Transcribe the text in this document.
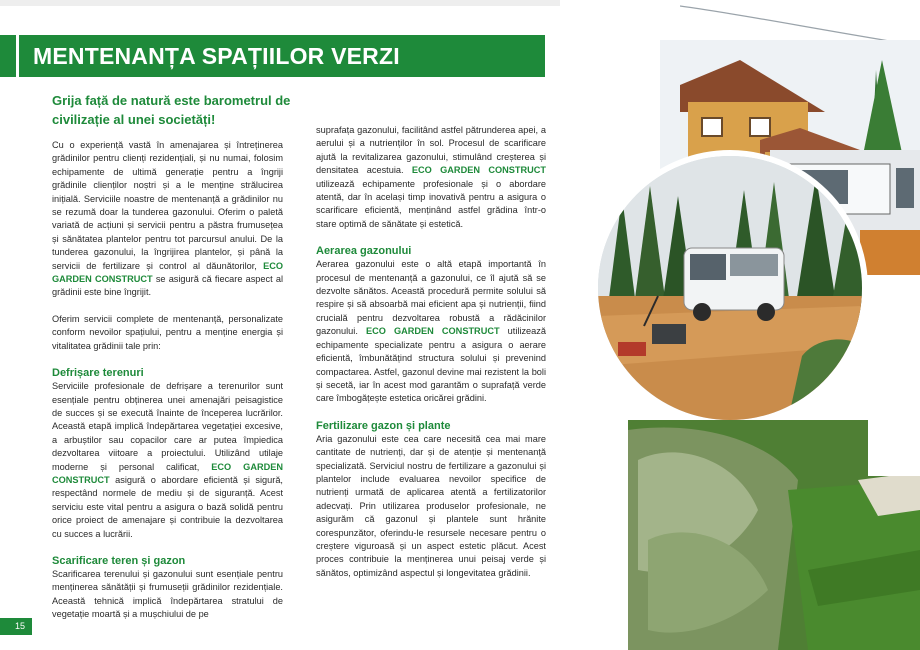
MENTENANȚA SPAȚIILOR VERZI
Grija față de natură este barometrul de civilizație al unei societăți!

Cu o experiență vastă în amenajarea și întreținerea grădinilor pentru clienți rezidențiali, și nu numai, folosim echipamente de ultimă generație pentru a îngriji grădinile clienților noștri și a le menține strălucirea inițială. Serviciile noastre de mentenanță a grădinilor nu se rezumă doar la tunderea gazonului. Oferim o paletă variată de acțiuni și servicii pentru a păstra frumusețea și sănătatea plantelor pentru tot parcursul anului. De la tunderea gazonului, la îngrijirea plantelor, și până la servicii de fertilizare și control al dăunătorilor, ECO GARDEN CONSTRUCT se asigură că fiecare aspect al grădinii este bine îngrijit.

Oferim servicii complete de mentenanță, personalizate conform nevoilor spațiului, pentru a menține energia și vitalitatea grădinii tale prin:

Defrișare terenuri

Serviciile profesionale de defrișare a terenurilor sunt esențiale pentru obținerea unei amenajări peisagistice de succes și se execută înainte de începerea lucrărilor. Această etapă implică îndepărtarea vegetației excesive, a arbuștilor sau copacilor care ar putea împiedica dezvoltarea viitoare a proiectului. Utilizând utilaje moderne și personal calificat, ECO GARDEN CONSTRUCT asigură o abordare eficientă și sigură, respectând normele de mediu și de siguranță. Acest serviciu este vital pentru a asigura o bază solidă pentru orice proiect de amenajare și contribuie la dezvoltarea cu succes a lucrării.

Scarificare teren și gazon

Scarificarea terenului și gazonului sunt esențiale pentru menținerea sănătății și frumuseții grădinilor rezidențiale. Această tehnică implică îndepărtarea stratului de vegetație moartă și a mușchiului de pe

suprafața gazonului, facilitând astfel pătrunderea apei, a aerului și a nutrienților în sol. Procesul de scarificare ajută la revitalizarea gazonului, stimulând creșterea și densitatea acestuia. ECO GARDEN CONSTRUCT utilizează echipamente profesionale și o abordare atentă, dar în același timp inovativă pentru a asigura o scarificare eficientă, menținând astfel grădina într-o stare optimă de sănătate și estetică.

Aerarea gazonului

Aerarea gazonului este o altă etapă importantă în procesul de mentenanță a gazonului, ce îl ajută să se dezvolte sănătos. Această procedură permite solului să respire și să absoarbă mai eficient apa și nutrienții, fiind crucială pentru dezvoltarea robustă a rădăcinilor gazonului. ECO GARDEN CONSTRUCT utilizează echipamente specializate pentru a asigura o aerare eficientă, îmbunătățind structura solului și prevenind compactarea. Astfel, gazonul devine mai rezistent la boli și secetă, iar în acest mod garantăm o suprafață verde care îmbogățește estetica oricărei grădini.

Fertilizare gazon și plante

Aria gazonului este cea care necesită cea mai mare cantitate de nutrienți, dar și de atenție și mentenanță specializată. Serviciul nostru de fertilizare a gazonului și plantelor include evaluarea nevoilor specifice de nutrienți urmată de aplicarea atentă a fertilizatorilor adecvați. Prin utilizarea produselor profesionale, ne asigurăm că gazonul și plantele sunt hrănite corespunzător, oferindu-le resursele necesare pentru o creștere viguroasă și un aspect estetic plăcut. Acest proces contribuie la menținerea unui peisaj verde și sănătos, optimizând aspectul și longevitatea grădinii.

15
